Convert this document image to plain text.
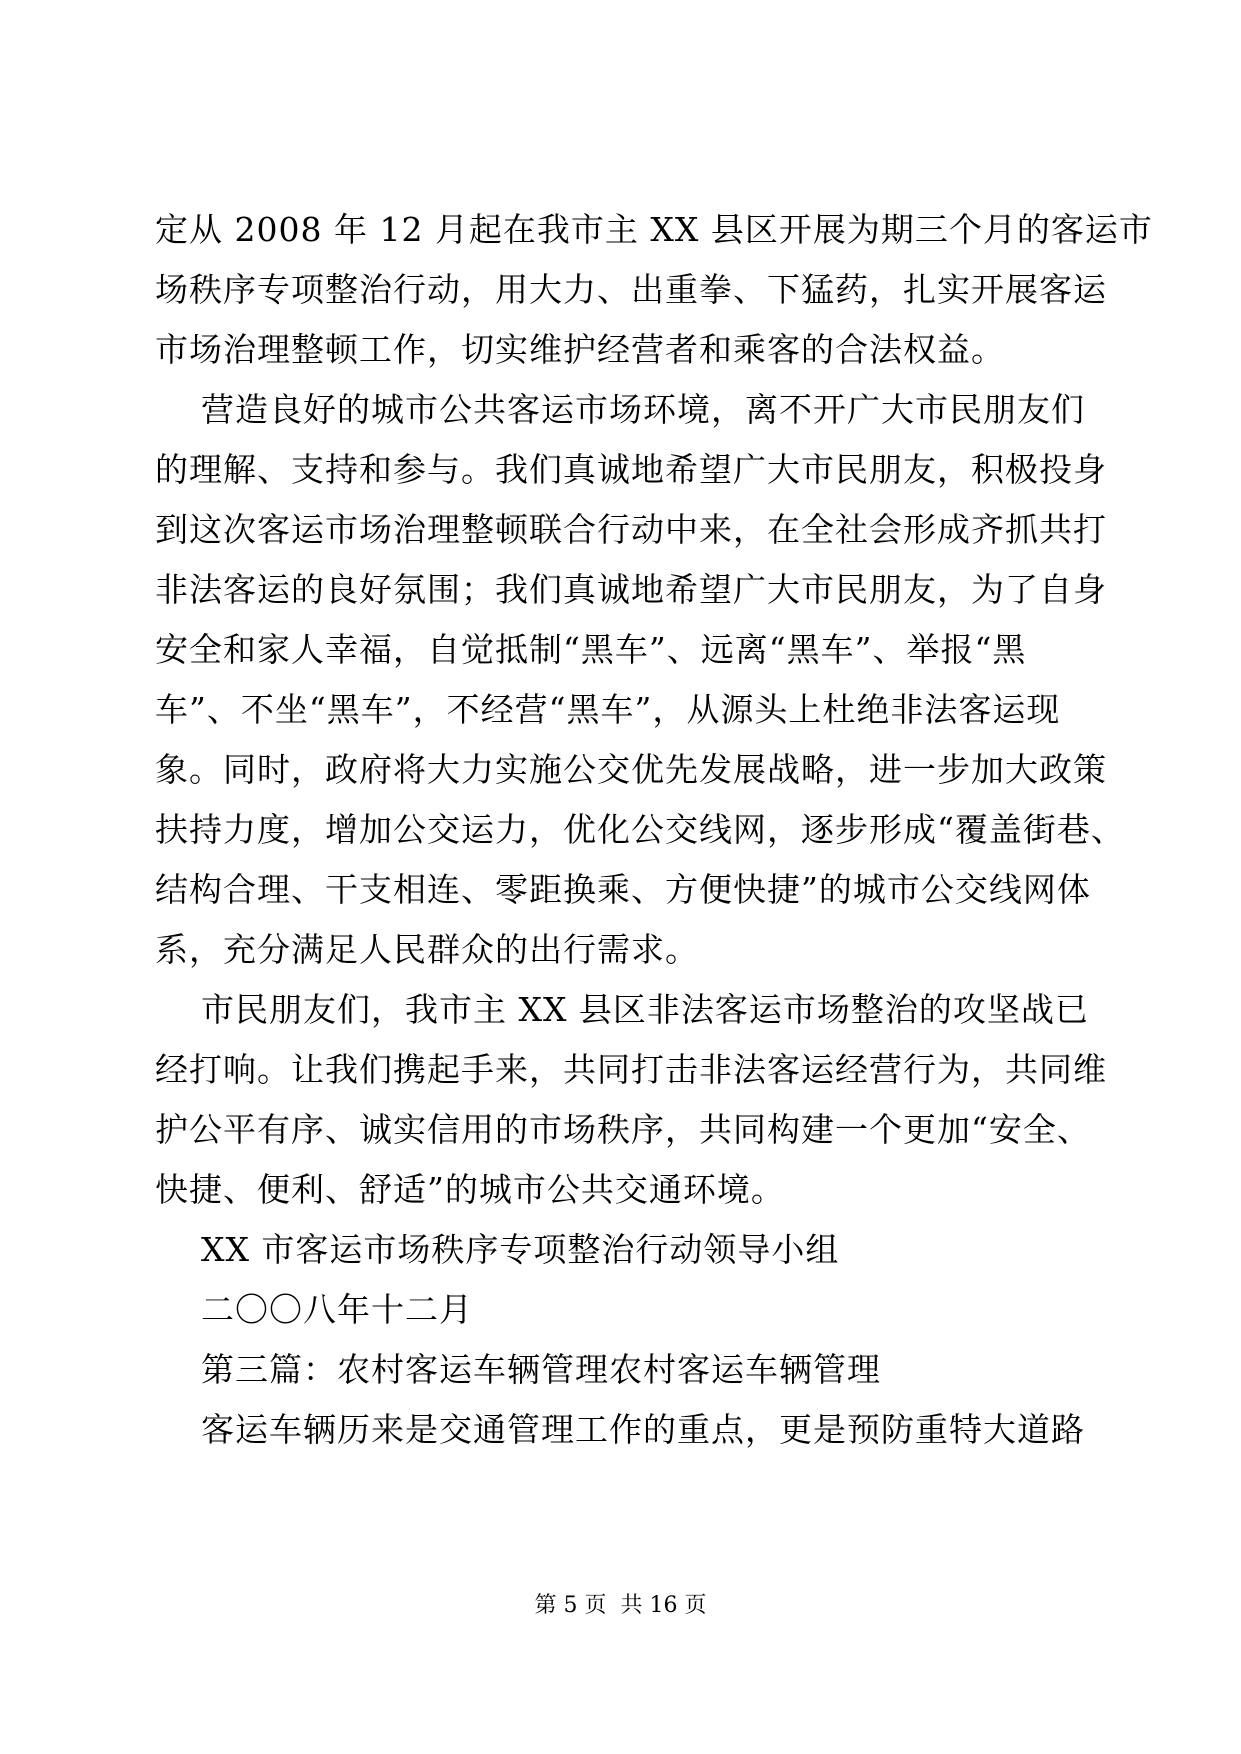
定从 2008 年 12 月起在我市主 XX 县区开展为期三个月的客运市
场秩序专项整治行动，用大力、出重拳、下猛药，扎实开展客运
市场治理整顿工作，切实维护经营者和乘客的合法权益。
营造良好的城市公共客运市场环境，离不开广大市民朋友们
的理解、支持和参与。我们真诚地希望广大市民朋友，积极投身
到这次客运市场治理整顿联合行动中来，在全社会形成齐抓共打
非法客运的良好氛围；我们真诚地希望广大市民朋友，为了自身
安全和家人幸福，自觉抵制“黑车”、远离“黑车”、举报“黑
车”、不坐“黑车”，不经营“黑车”，从源头上杜绝非法客运现
象。同时，政府将大力实施公交优先发展战略，进一步加大政策
扶持力度，增加公交运力，优化公交线网，逐步形成“覆盖街巷、
结构合理、干支相连、零距换乘、方便快捷”的城市公交线网体
系，充分满足人民群众的出行需求。
市民朋友们，我市主 XX 县区非法客运市场整治的攻坚战已
经打响。让我们携起手来，共同打击非法客运经营行为，共同维
护公平有序、诚实信用的市场秩序，共同构建一个更加“安全、
快捷、便利、舒适”的城市公共交通环境。
XX 市客运市场秩序专项整治行动领导小组
二〇〇八年十二月
第三篇：农村客运车辆管理农村客运车辆管理
客运车辆历来是交通管理工作的重点，更是预防重特大道路
第 5 页  共 16 页
